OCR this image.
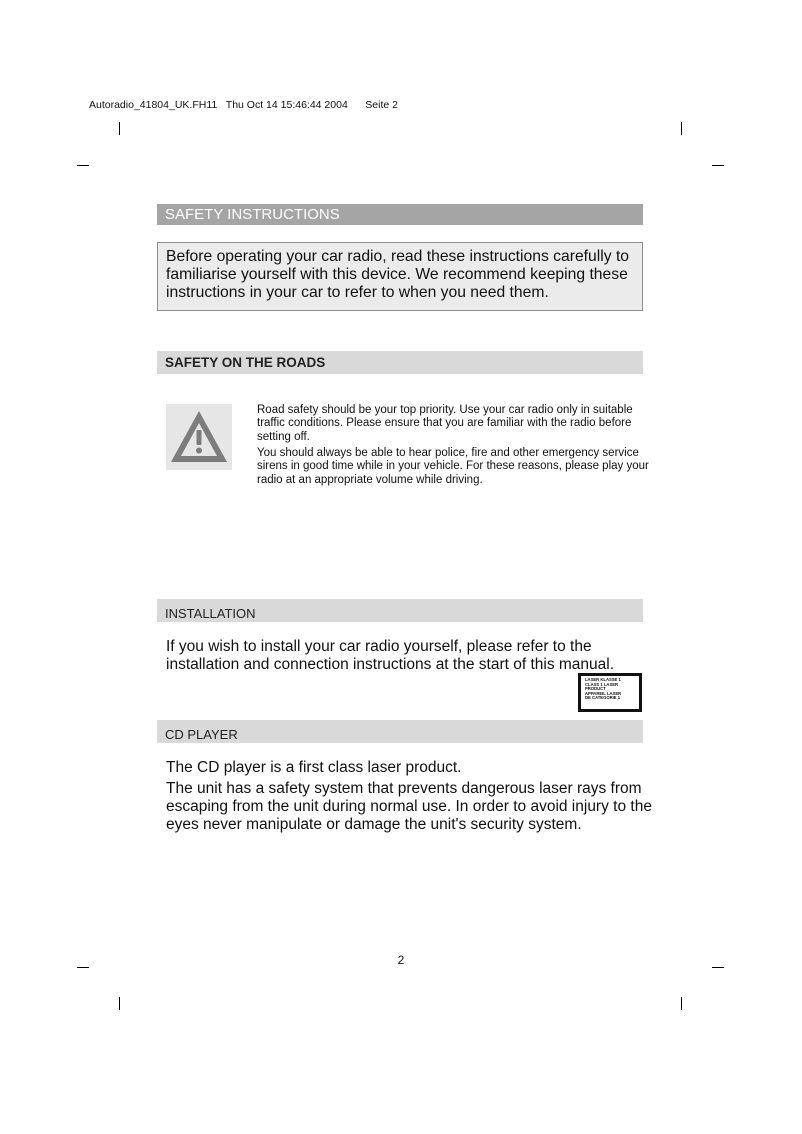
Autoradio_41804_UK.FH11   Thu Oct 14 15:46:44 2004      Seite 2
SAFETY INSTRUCTIONS
Before operating your car radio, read these instructions carefully to familiarise yourself with this device. We recommend keeping these instructions in your car to refer to when you need them.
SAFETY ON THE ROADS
Road safety should be your top priority. Use your car radio only in suitable traffic conditions. Please ensure that you are familiar with the radio before setting off.
You should always be able to hear police, fire and other emergency service sirens in good time while in your vehicle. For these reasons, please play your radio at an appropriate volume while driving.
INSTALLATION
If you wish to install your car radio yourself, please refer to the installation and connection instructions at the start of this manual.
LASER KLASSE 1
CLASS 1 LASER
PRODUCT
APPAREIL LASER
DE CATEGORIE 1
CD PLAYER
The CD player is a first class laser product.
The unit has a safety system that prevents dangerous laser rays from escaping from the unit during normal use. In order to avoid injury to the eyes never manipulate or damage the unit's security system.
2
